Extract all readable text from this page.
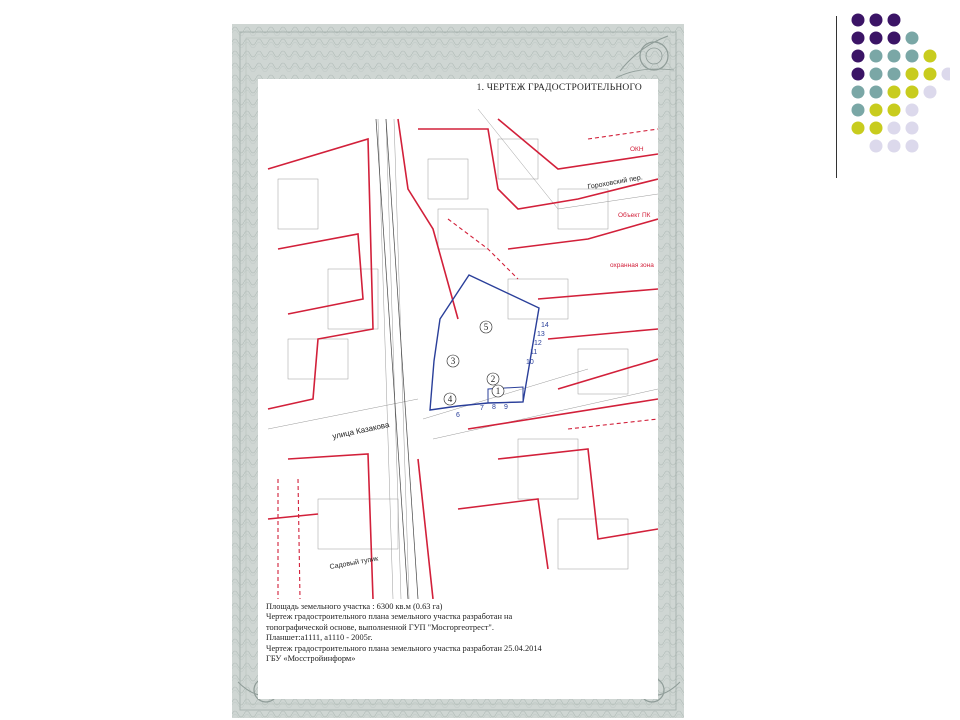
1. ЧЕРТЕЖ ГРАДОСТРОИТЕЛЬНОГО
улица Казакова
Гороховский пер.
Садовый тупик
5
3
4
2
1
6
7 8 9
10
11
12
13
14
ОКН
Объект ПК
охранная зона
Площадь земельного участка : 6300 кв.м (0.63 га)
Чертеж градостроительного плана земельного участка разработан на
топографической основе, выполненной ГУП "Мосгоргеотрест".
Планшет:а1111, а1110 - 2005г.
Чертеж градостроительного плана земельного участка разработан 25.04.2014
ГБУ «Мосстройинформ»
